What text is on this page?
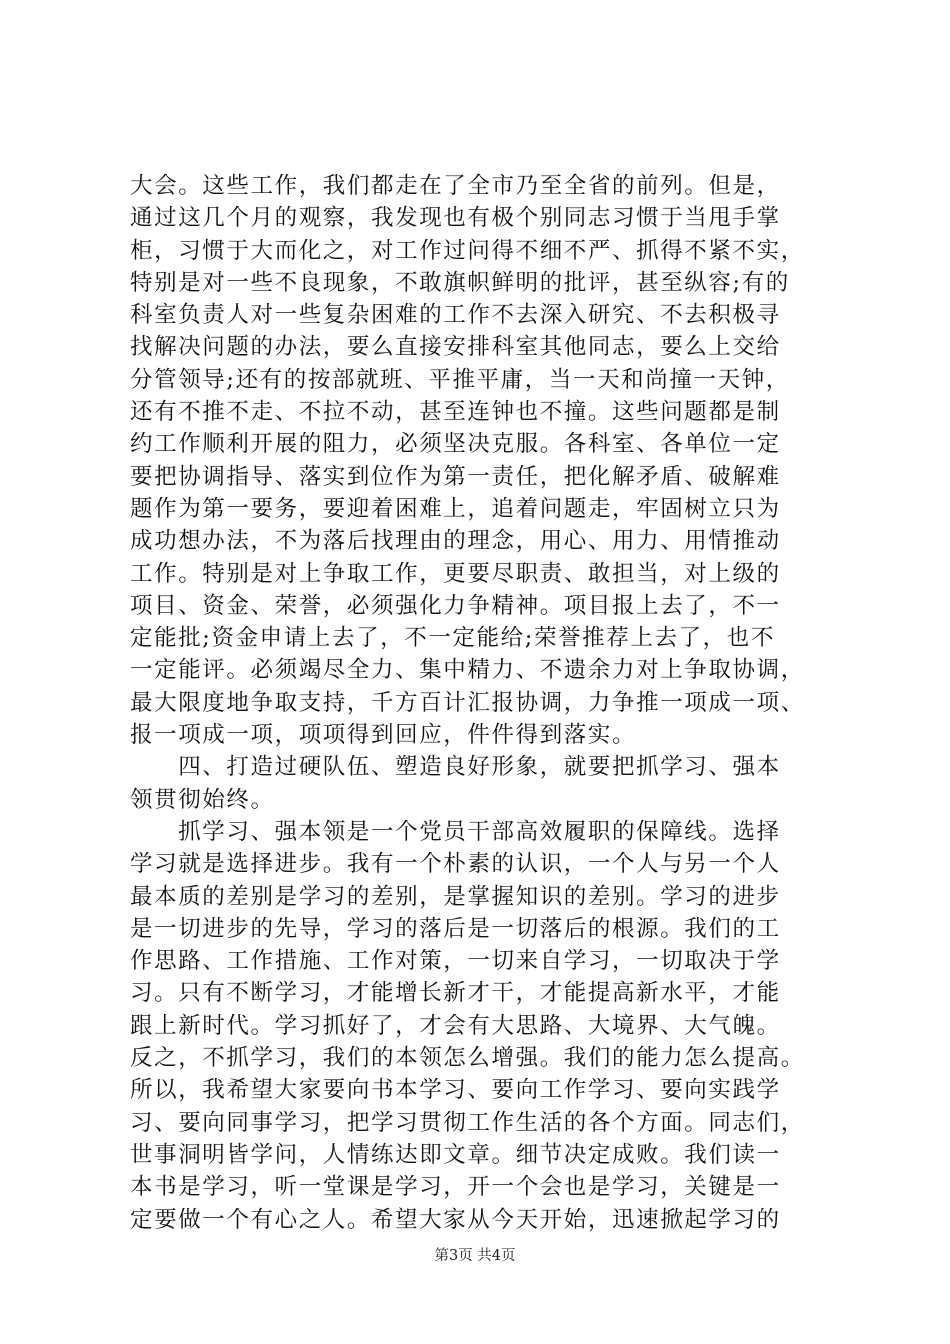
大会。这些工作，我们都走在了全市乃至全省的前列。但是，
通过这几个月的观察，我发现也有极个别同志习惯于当甩手掌
柜，习惯于大而化之，对工作过问得不细不严、抓得不紧不实，
特别是对一些不良现象，不敢旗帜鲜明的批评，甚至纵容;有的
科室负责人对一些复杂困难的工作不去深入研究、不去积极寻
找解决问题的办法，要么直接安排科室其他同志，要么上交给
分管领导;还有的按部就班、平推平庸，当一天和尚撞一天钟，
还有不推不走、不拉不动，甚至连钟也不撞。这些问题都是制
约工作顺利开展的阻力，必须坚决克服。各科室、各单位一定
要把协调指导、落实到位作为第一责任，把化解矛盾、破解难
题作为第一要务，要迎着困难上，追着问题走，牢固树立只为
成功想办法，不为落后找理由的理念，用心、用力、用情推动
工作。特别是对上争取工作，更要尽职责、敢担当，对上级的
项目、资金、荣誉，必须强化力争精神。项目报上去了，不一
定能批;资金申请上去了，不一定能给;荣誉推荐上去了，也不
一定能评。必须竭尽全力、集中精力、不遗余力对上争取协调，
最大限度地争取支持，千方百计汇报协调，力争推一项成一项、
报一项成一项，项项得到回应，件件得到落实。
　　四、打造过硬队伍、塑造良好形象，就要把抓学习、强本
领贯彻始终。
　　抓学习、强本领是一个党员干部高效履职的保障线。选择
学习就是选择进步。我有一个朴素的认识，一个人与另一个人
最本质的差别是学习的差别，是掌握知识的差别。学习的进步
是一切进步的先导，学习的落后是一切落后的根源。我们的工
作思路、工作措施、工作对策，一切来自学习，一切取决于学
习。只有不断学习，才能增长新才干，才能提高新水平，才能
跟上新时代。学习抓好了，才会有大思路、大境界、大气魄。
反之，不抓学习，我们的本领怎么增强。我们的能力怎么提高。
所以，我希望大家要向书本学习、要向工作学习、要向实践学
习、要向同事学习，把学习贯彻工作生活的各个方面。同志们，
世事洞明皆学问，人情练达即文章。细节决定成败。我们读一
本书是学习，听一堂课是学习，开一个会也是学习，关键是一
定要做一个有心之人。希望大家从今天开始，迅速掀起学习的
第3页 共4页
